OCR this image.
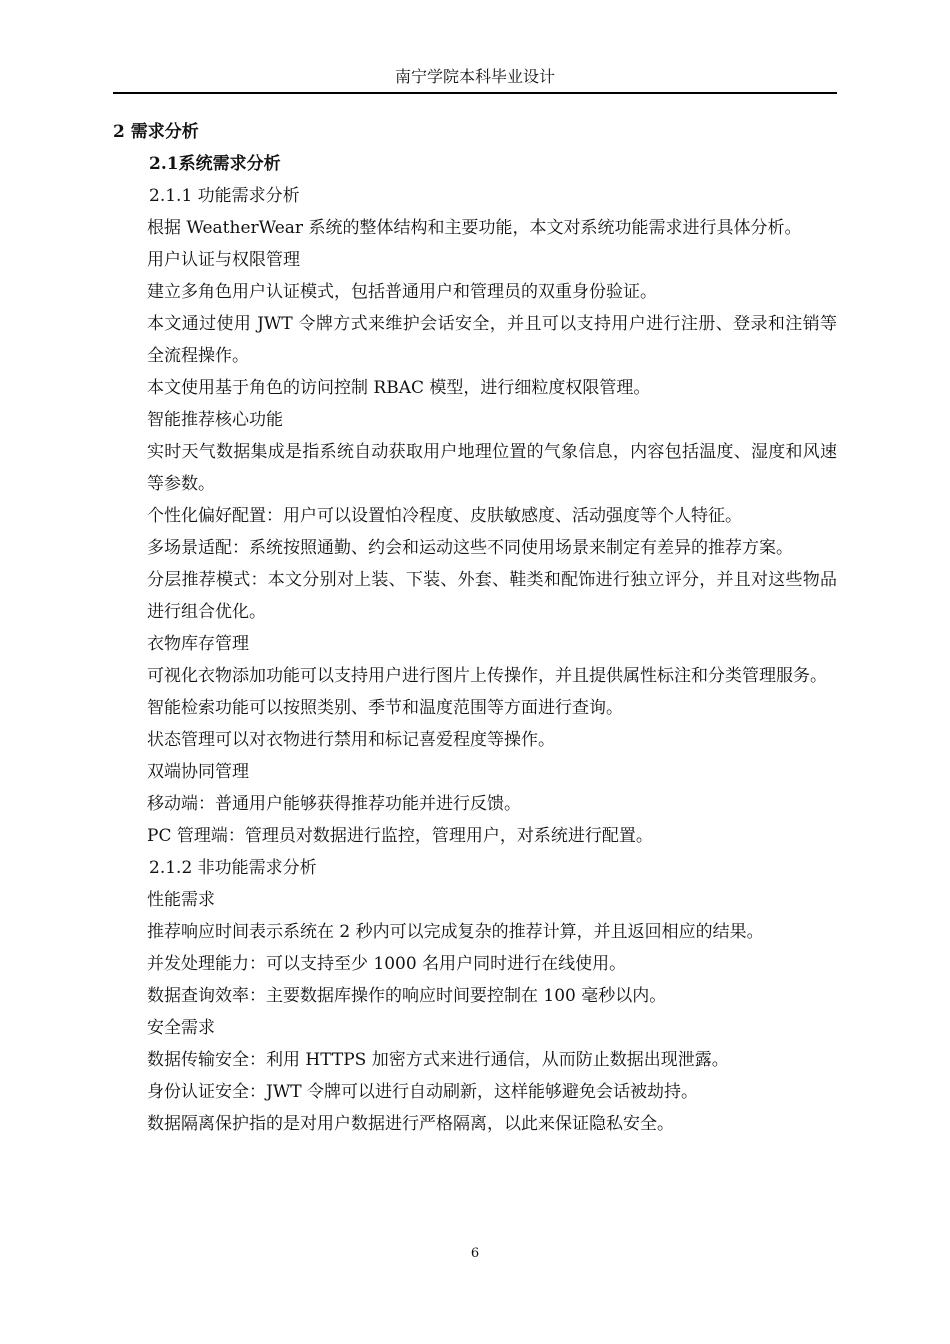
南宁学院本科毕业设计

2 需求分析

2.1系统需求分析

2.1.1 功能需求分析

根据 WeatherWear 系统的整体结构和主要功能，本文对系统功能需求进行具体分析。

用户认证与权限管理

建立多角色用户认证模式，包括普通用户和管理员的双重身份验证。

本文通过使用 JWT 令牌方式来维护会话安全，并且可以支持用户进行注册、登录和注销等全流程操作。

本文使用基于角色的访问控制 RBAC 模型，进行细粒度权限管理。

智能推荐核心功能

实时天气数据集成是指系统自动获取用户地理位置的气象信息，内容包括温度、湿度和风速等参数。

个性化偏好配置：用户可以设置怕冷程度、皮肤敏感度、活动强度等个人特征。

多场景适配：系统按照通勤、约会和运动这些不同使用场景来制定有差异的推荐方案。

分层推荐模式：本文分别对上装、下装、外套、鞋类和配饰进行独立评分，并且对这些物品进行组合优化。

衣物库存管理

可视化衣物添加功能可以支持用户进行图片上传操作，并且提供属性标注和分类管理服务。

智能检索功能可以按照类别、季节和温度范围等方面进行查询。

状态管理可以对衣物进行禁用和标记喜爱程度等操作。

双端协同管理

移动端：普通用户能够获得推荐功能并进行反馈。

PC 管理端：管理员对数据进行监控，管理用户，对系统进行配置。

2.1.2 非功能需求分析

性能需求

推荐响应时间表示系统在 2 秒内可以完成复杂的推荐计算，并且返回相应的结果。

并发处理能力：可以支持至少 1000 名用户同时进行在线使用。

数据查询效率：主要数据库操作的响应时间要控制在 100 毫秒以内。

安全需求

数据传输安全：利用 HTTPS 加密方式来进行通信，从而防止数据出现泄露。

身份认证安全：JWT 令牌可以进行自动刷新，这样能够避免会话被劫持。

数据隔离保护指的是对用户数据进行严格隔离，以此来保证隐私安全。

6
